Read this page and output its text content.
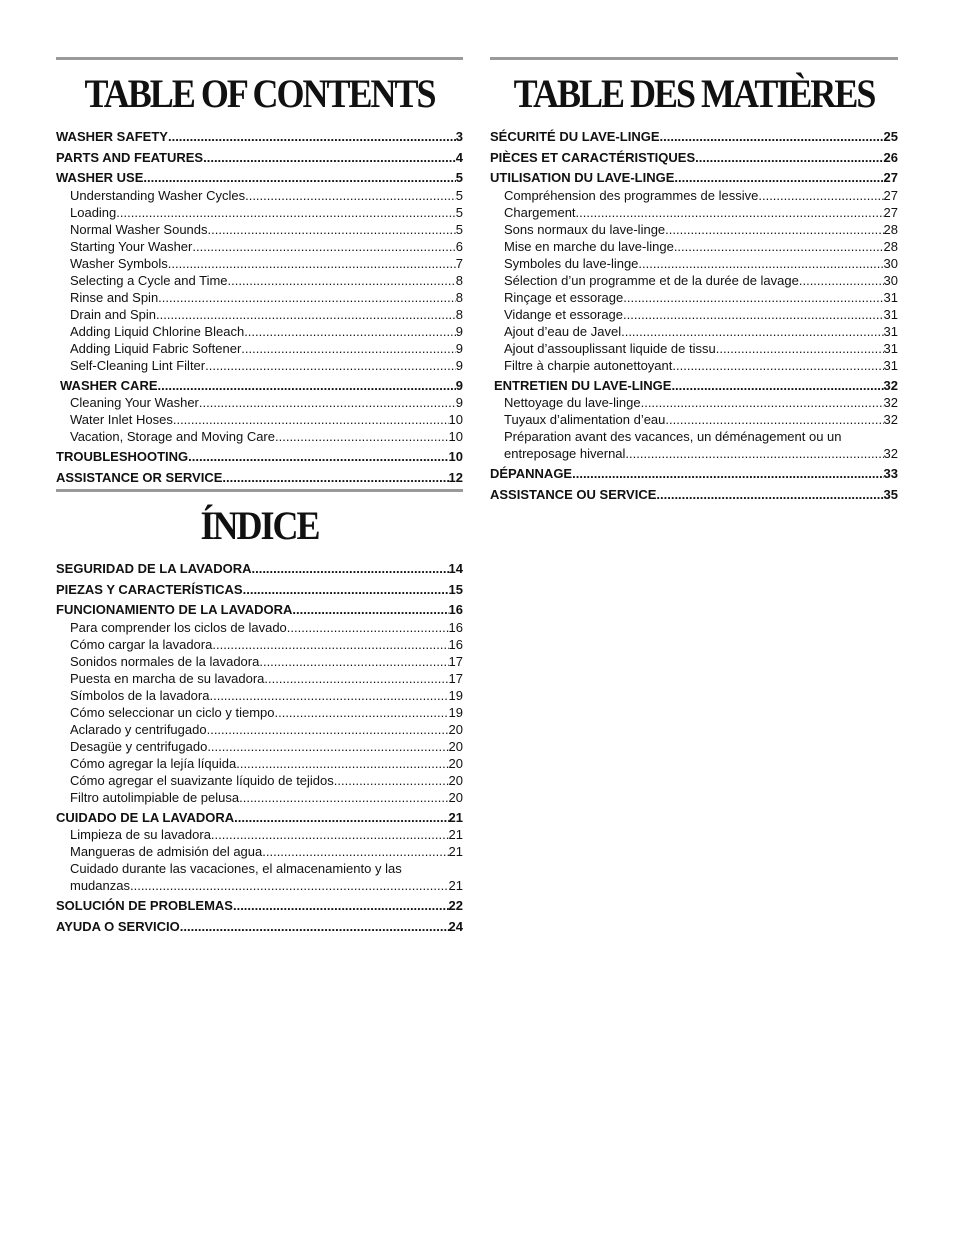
TABLE OF CONTENTS
WASHER SAFETY .....	3
PARTS AND FEATURES .....	4
WASHER USE .....	5
Understanding Washer Cycles .....	5
Loading .....	5
Normal Washer Sounds .....	5
Starting Your Washer .....	6
Washer Symbols .....	7
Selecting a Cycle and Time .....	8
Rinse and Spin .....	8
Drain and Spin .....	8
Adding Liquid Chlorine Bleach .....	9
Adding Liquid Fabric Softener .....	9
Self-Cleaning Lint Filter .....	9
WASHER CARE .....	9
Cleaning Your Washer .....	9
Water Inlet Hoses .....	10
Vacation, Storage and Moving Care .....	10
TROUBLESHOOTING .....	10
ASSISTANCE OR SERVICE .....	12
ÍNDICE
SEGURIDAD DE LA LAVADORA .....	14
PIEZAS Y CARACTERÍSTICAS .....	15
FUNCIONAMIENTO DE LA LAVADORA .....	16
Para comprender los ciclos de lavado .....	16
Cómo cargar la lavadora .....	16
Sonidos normales de la lavadora .....	17
Puesta en marcha de su lavadora .....	17
Símbolos de la lavadora .....	19
Cómo seleccionar un ciclo y tiempo .....	19
Aclarado y centrifugado .....	20
Desagüe y centrifugado .....	20
Cómo agregar la lejía líquida .....	20
Cómo agregar el suavizante líquido de tejidos .....	20
Filtro autolimpiable de pelusa .....	20
CUIDADO DE LA LAVADORA .....	21
Limpieza de su lavadora .....	21
Mangueras de admisión del agua .....	21
Cuidado durante las vacaciones, el almacenamiento y las
mudanzas .....	21
SOLUCIÓN DE PROBLEMAS .....	22
AYUDA O SERVICIO .....	24
TABLE DES MATIÈRES
SÉCURITÉ DU LAVE-LINGE .....	25
PIÈCES ET CARACTÉRISTIQUES .....	26
UTILISATION DU LAVE-LINGE .....	27
Compréhension des programmes de lessive .....	27
Chargement .....	27
Sons normaux du lave-linge .....	28
Mise en marche du lave-linge .....	28
Symboles du lave-linge .....	30
Sélection d’un programme et de la durée de lavage .....	30
Rinçage et essorage .....	31
Vidange et essorage .....	31
Ajout d’eau de Javel .....	31
Ajout d’assouplissant liquide de tissu .....	31
Filtre à charpie autonettoyant .....	31
ENTRETIEN DU LAVE-LINGE .....	32
Nettoyage du lave-linge .....	32
Tuyaux d’alimentation d’eau .....	32
Préparation avant des vacances, un déménagement ou un
entreposage hivernal .....	32
DÉPANNAGE .....	33
ASSISTANCE OU SERVICE .....	35
